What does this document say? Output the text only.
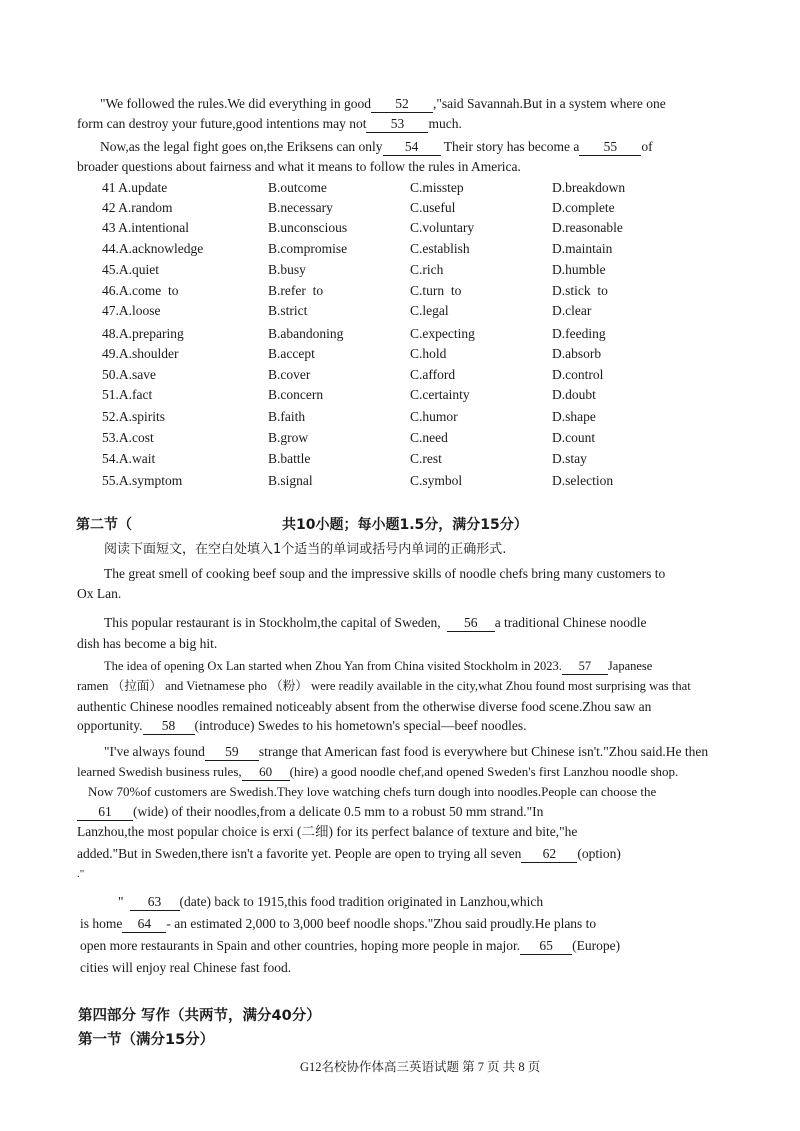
"We followed the rules.We did everything in good 52 ,"said Savannah.But in a system where one
form can destroy your future,good intentions may not 53 much.
Now,as the legal fight goes on,the Eriksens can only 54 Their story has become a 55 of
broader questions about fairness and what it means to follow the rules in America.
41 A.update	B.outcome	C.misstep	D.breakdown
42 A.random	B.necessary	C.useful	D.complete
43 A.intentional	B.unconscious	C.voluntary	D.reasonable
44.A.acknowledge	B.compromise	C.establish	D.maintain
45.A.quiet	B.busy	C.rich	D.humble
46.A.come  to	B.refer  to	C.turn  to	D.stick  to
47.A.loose	B.strict	C.legal	D.clear
48.A.preparing	B.abandoning	C.expecting	D.feeding
49.A.shoulder	B.accept	C.hold	D.absorb
50.A.save	B.cover	C.afford	D.control
51.A.fact	B.concern	C.certainty	D.doubt
52.A.spirits	B.faith	C.humor	D.shape
53.A.cost	B.grow	C.need	D.count
54.A.wait	B.battle	C.rest	D.stay
55.A.symptom	B.signal	C.symbol	D.selection
第二节（	共10小题；每小题1.5分，满分15分）
阅读下面短文，在空白处填入1个适当的单词或括号内单词的正确形式.
The great smell of cooking beef soup and the impressive skills of noodle chefs bring many customers to
Ox Lan.
This popular restaurant is in Stockholm,the capital of Sweden, 56 a traditional Chinese noodle
dish has become a big hit.
The idea of opening Ox Lan started when Zhou Yan from China visited Stockholm in 2023. 57 Japanese
ramen （拉面） and Vietnamese pho （粉） were readily available in the city,what Zhou found most surprising was that
authentic Chinese noodles remained noticeably absent from the otherwise diverse food scene.Zhou saw an
opportunity. 58 (introduce) Swedes to his hometown's special—beef noodles.
"I've always found 59 strange that American fast food is everywhere but Chinese isn't."Zhou said.He then
learned Swedish business rules, 60 (hire) a good noodle chef,and opened Sweden's first Lanzhou noodle shop.
Now 70%of customers are Swedish.They love watching chefs turn dough into noodles.People can choose the
61 (wide) of their noodles,from a delicate 0.5 mm to a robust 50 mm strand."In
Lanzhou,the most popular choice is erxi (二细) for its perfect balance of texture and bite,"he
added."But in Sweden,there isn't a favorite yet. People are open to trying all seven 62 (option)
."
" 63 (date) back to 1915,this food tradition originated in Lanzhou,which
is home 64 - an estimated 2,000 to 3,000 beef noodle shops."Zhou said proudly.He plans to
open more restaurants in Spain and other countries, hoping more people in major. 65 (Europe)
cities will enjoy real Chinese fast food.
第四部分 写作（共两节，满分40分）
第一节（满分15分）
G12名校协作体高三英语试题 第 7 页 共 8 页
